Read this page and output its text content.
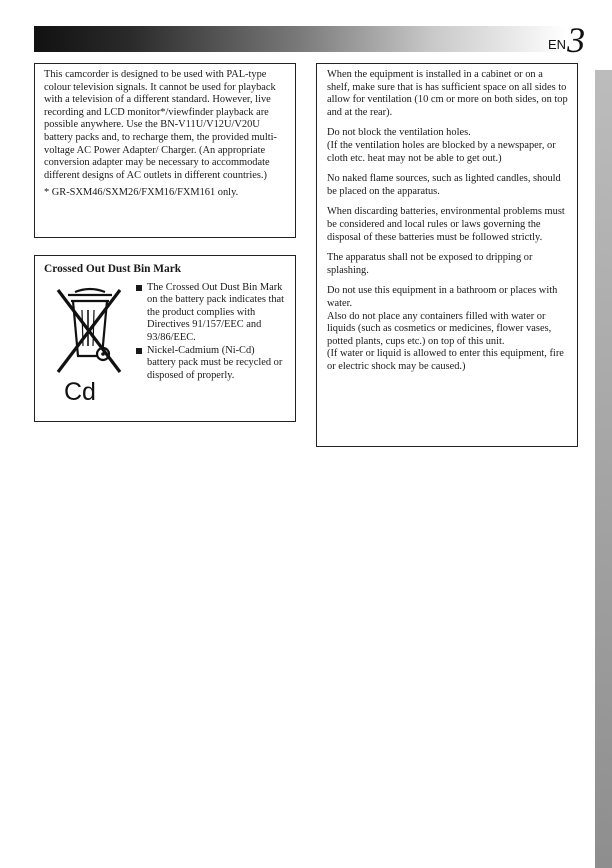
EN 3

This camcorder is designed to be used with PAL-type colour television signals. It cannot be used for playback with a television of a different standard. However, live recording and LCD monitor*/viewfinder playback are possible anywhere. Use the BN-V11U/V12U/V20U battery packs and, to recharge them, the provided multi-voltage AC Power Adapter/ Charger. (An appropriate conversion adapter may be necessary to accommodate different designs of AC outlets in different countries.)

* GR-SXM46/SXM26/FXM16/FXM161 only.

Crossed Out Dust Bin Mark
Cd
The Crossed Out Dust Bin Mark on the battery pack indicates that the product complies with Directives 91/157/EEC and 93/86/EEC.
Nickel-Cadmium (Ni-Cd) battery pack must be recycled or disposed of properly.

When the equipment is installed in a cabinet or on a shelf, make sure that is has sufficient space on all sides to allow for ventilation (10 cm or more on both sides, on top and at the rear).

Do not block the ventilation holes.
(If the ventilation holes are blocked by a newspaper, or cloth etc. heat may not be able to get out.)

No naked flame sources, such as lighted candles, should be placed on the apparatus.

When discarding batteries, environmental problems must be considered and local rules or laws governing the disposal of these batteries must be followed strictly.

The apparatus shall not be exposed to dripping or splashing.

Do not use this equipment in a bathroom or places with water.
Also do not place any containers filled with water or liquids (such as cosmetics or medicines, flower vases, potted plants, cups etc.) on top of this unit.
(If water or liquid is allowed to enter this equipment, fire or electric shock may be caused.)
